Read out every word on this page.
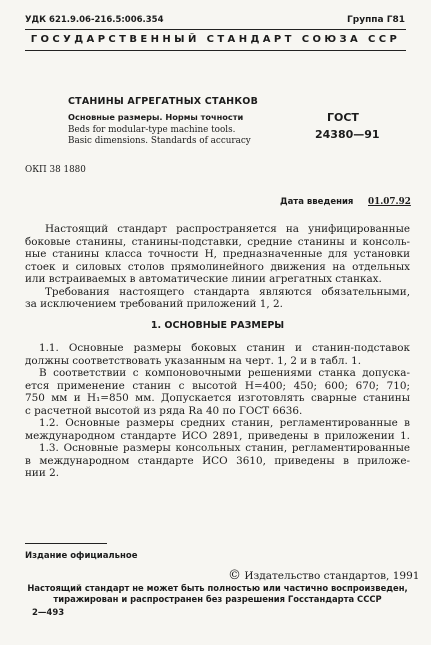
УДК 621.9.06-216.5:006.354	Группа Г81
ГОСУДАРСТВЕННЫЙ СТАНДАРТ СОЮЗА ССР
СТАНИНЫ АГРЕГАТНЫХ СТАНКОВ
Основные размеры. Нормы точности
Beds for modular-type machine tools.
Basic dimensions. Standards of accuracy
ГОСТ
24380—91
ОКП 38 1880
Дата введения 01.07.92
Настоящий стандарт распространяется на унифицированные
боковые станины, станины-подставки, средние станины и консоль-
ные станины класса точности Н, предназначенные для установки
стоек и силовых столов прямолинейного движения на отдельных
или встраиваемых в автоматические линии агрегатных станках.
Требования настоящего стандарта являются обязательными,
за исключением требований приложений 1, 2.
1. ОСНОВНЫЕ РАЗМЕРЫ
1.1. Основные размеры боковых станин и станин-подставок
должны соответствовать указанным на черт. 1, 2 и в табл. 1.
В соответствии с компоновочными решениями станка допуска-
ется применение станин с высотой H=400; 450; 600; 670; 710;
750 мм и H₁=850 мм. Допускается изготовлять сварные станины
с расчетной высотой из ряда Ra 40 по ГОСТ 6636.
1.2. Основные размеры средних станин, регламентированные в
международном стандарте ИСО 2891, приведены в приложении 1.
1.3. Основные размеры консольных станин, регламентированные
в международном стандарте ИСО 3610, приведены в приложе-
нии 2.
Издание официальное
© Издательство стандартов, 1991
Настоящий стандарт не может быть полностью или частично воспроизведен,
тиражирован и распространен без разрешения Госстандарта СССР
2—493
